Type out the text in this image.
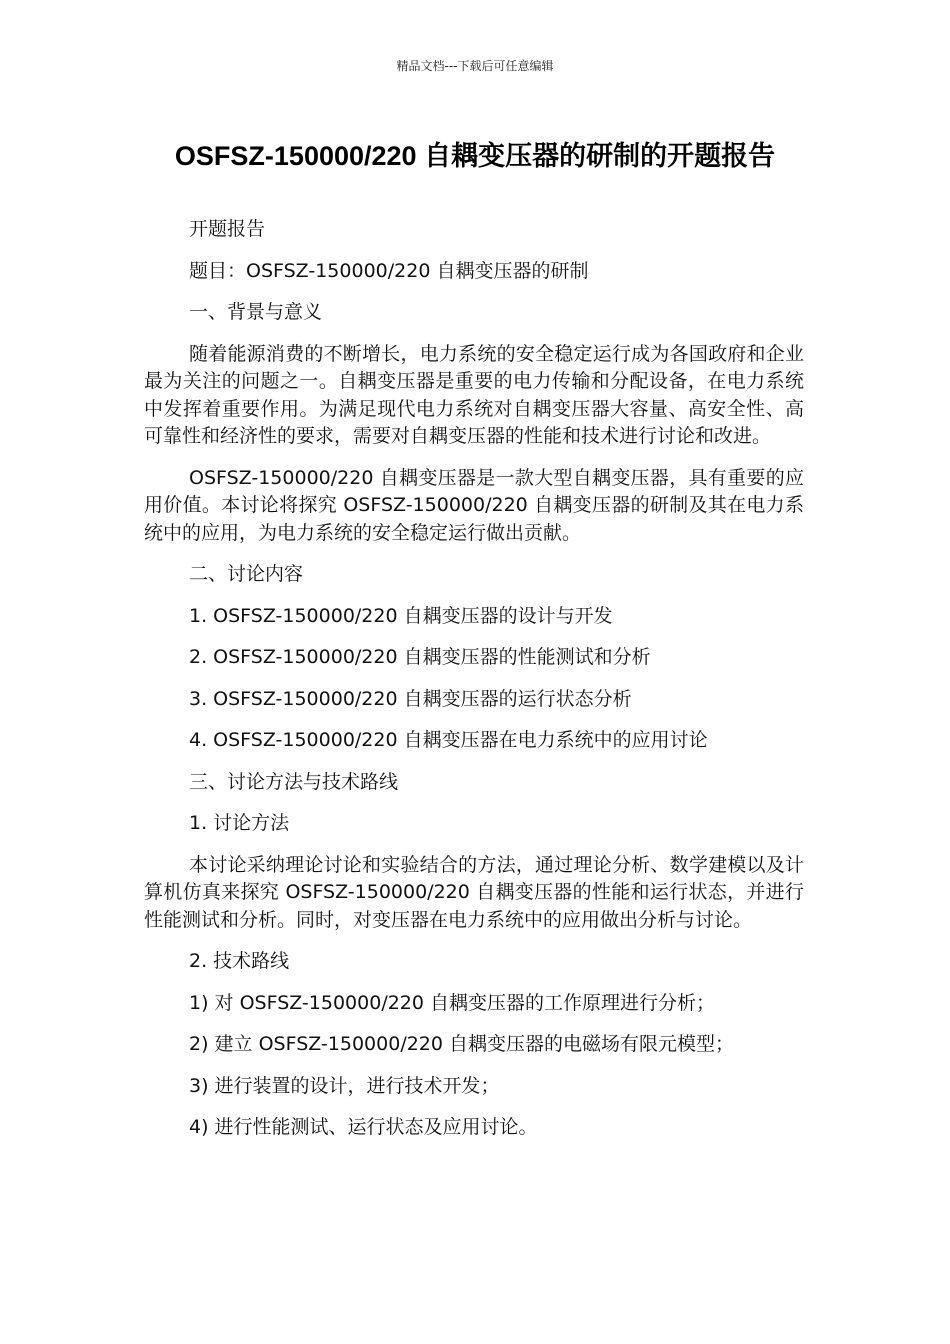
精品文档---下载后可任意编辑
OSFSZ-150000/220 自耦变压器的研制的开题报告
开题报告
题目：OSFSZ-150000/220 自耦变压器的研制
一、背景与意义
随着能源消费的不断增长，电力系统的安全稳定运行成为各国政府和企业最为关注的问题之一。自耦变压器是重要的电力传输和分配设备，在电力系统中发挥着重要作用。为满足现代电力系统对自耦变压器大容量、高安全性、高可靠性和经济性的要求，需要对自耦变压器的性能和技术进行讨论和改进。
OSFSZ-150000/220 自耦变压器是一款大型自耦变压器，具有重要的应用价值。本讨论将探究 OSFSZ-150000/220 自耦变压器的研制及其在电力系统中的应用，为电力系统的安全稳定运行做出贡献。
二、讨论内容
1. OSFSZ-150000/220 自耦变压器的设计与开发
2. OSFSZ-150000/220 自耦变压器的性能测试和分析
3. OSFSZ-150000/220 自耦变压器的运行状态分析
4. OSFSZ-150000/220 自耦变压器在电力系统中的应用讨论
三、讨论方法与技术路线
1. 讨论方法
本讨论采纳理论讨论和实验结合的方法，通过理论分析、数学建模以及计算机仿真来探究 OSFSZ-150000/220 自耦变压器的性能和运行状态，并进行性能测试和分析。同时，对变压器在电力系统中的应用做出分析与讨论。
2. 技术路线
1) 对 OSFSZ-150000/220 自耦变压器的工作原理进行分析；
2) 建立 OSFSZ-150000/220 自耦变压器的电磁场有限元模型；
3) 进行装置的设计，进行技术开发；
4) 进行性能测试、运行状态及应用讨论。
